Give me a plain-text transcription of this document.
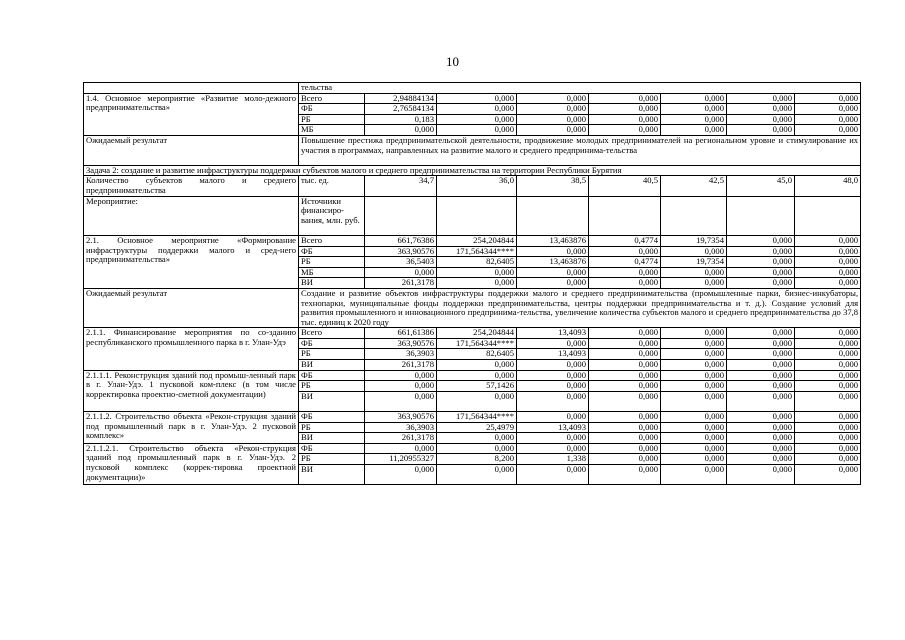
10
	тельства							
1.4. Основное мероприятие «Развитие моло-дежного предпринимательства»	Всего	2,94884134	0,000	0,000	0,000	0,000	0,000	0,000
	ФБ	2,76584134	0,000	0,000	0,000	0,000	0,000	0,000
	РБ	0,183	0,000	0,000	0,000	0,000	0,000	0,000
	МБ	0,000	0,000	0,000	0,000	0,000	0,000	0,000
Ожидаемый результат	Повышение престижа предпринимательской деятельности, продвижение молодых предпринимателей на региональном уровне и стимулирование их участия в программах, направленных на развитие малого и среднего предпринима-тельства							
Задача 2: создание и развитие инфраструктуры поддержки субъектов малого и среднего предпринимательства на территории Республики Бурятия								
Количество субъектов малого и среднего предпринимательства	тыс. ед.	34,7	36,0	38,5	40,5	42,5	45,0	48,0
Мероприятие:	Источники финансиро-вания, млн. руб.							
2.1. Основное мероприятие «Формирование инфраструктуры поддержки малого и сред-него предпринимательства»	Всего	661,76386	254,204844	13,463876	0,4774	19,7354	0,000	0,000
	ФБ	363,90576	171,564344****	0,000	0,000	0,000	0,000	0,000
	РБ	36,5403	82,6405	13,463876	0,4774	19,7354	0,000	0,000
	МБ	0,000	0,000	0,000	0,000	0,000	0,000	0,000
	ВИ	261,3178	0,000	0,000	0,000	0,000	0,000	0,000
Ожидаемый результат	Создание и развитие объектов инфраструктуры поддержки малого и среднего предпринимательства (промышленные парки, бизнес-инкубаторы, технопарки, муниципальные фонды поддержки предпринимательства, центры поддержки предпринимательства и т. д.). Создание условий для развития промышленного и инновационного предпринима-тельства, увеличение количества субъектов малого и среднего предпринимательства до 37,8 тыс. единиц к 2020 году							
2.1.1. Финансирование мероприятия по со-зданию республиканского промышленного парка в г. Улан-Удэ	Всего	661,61386	254,204844	13,4093	0,000	0,000	0,000	0,000
	ФБ	363,90576	171,564344****	0,000	0,000	0,000	0,000	0,000
	РБ	36,3903	82,6405	13,4093	0,000	0,000	0,000	0,000
	ВИ	261,3178	0,000	0,000	0,000	0,000	0,000	0,000
2.1.1.1. Реконструкция зданий под промыш-ленный парк в г. Улан-Удэ. 1 пусковой ком-плекс (в том числе корректировка проектно-сметной документации)	ФБ	0,000	0,000	0,000	0,000	0,000	0,000	0,000
	РБ	0,000	57,1426	0,000	0,000	0,000	0,000	0,000
	ВИ	0,000	0,000	0,000	0,000	0,000	0,000	0,000
2.1.1.2. Строительство объекта «Рекон-струкция зданий под промышленный парк в г. Улан-Удэ. 2 пусковой комплекс»	ФБ	363,90576	171,564344****	0,000	0,000	0,000	0,000	0,000
	РБ	36,3903	25,4979	13,4093	0,000	0,000	0,000	0,000
	ВИ	261,3178	0,000	0,000	0,000	0,000	0,000	0,000
2.1.1.2.1. Строительство объекта «Рекон-струкция зданий под промышленный парк в г. Улан-Удэ. 2 пусковой комплекс (коррек-тировка проектной документации)»	ФБ	0,000	0,000	0,000	0,000	0,000	0,000	0,000
	РБ	11,20955327	8,200	1,338	0,000	0,000	0,000	0,000
	ВИ	0,000	0,000	0,000	0,000	0,000	0,000	0,000
